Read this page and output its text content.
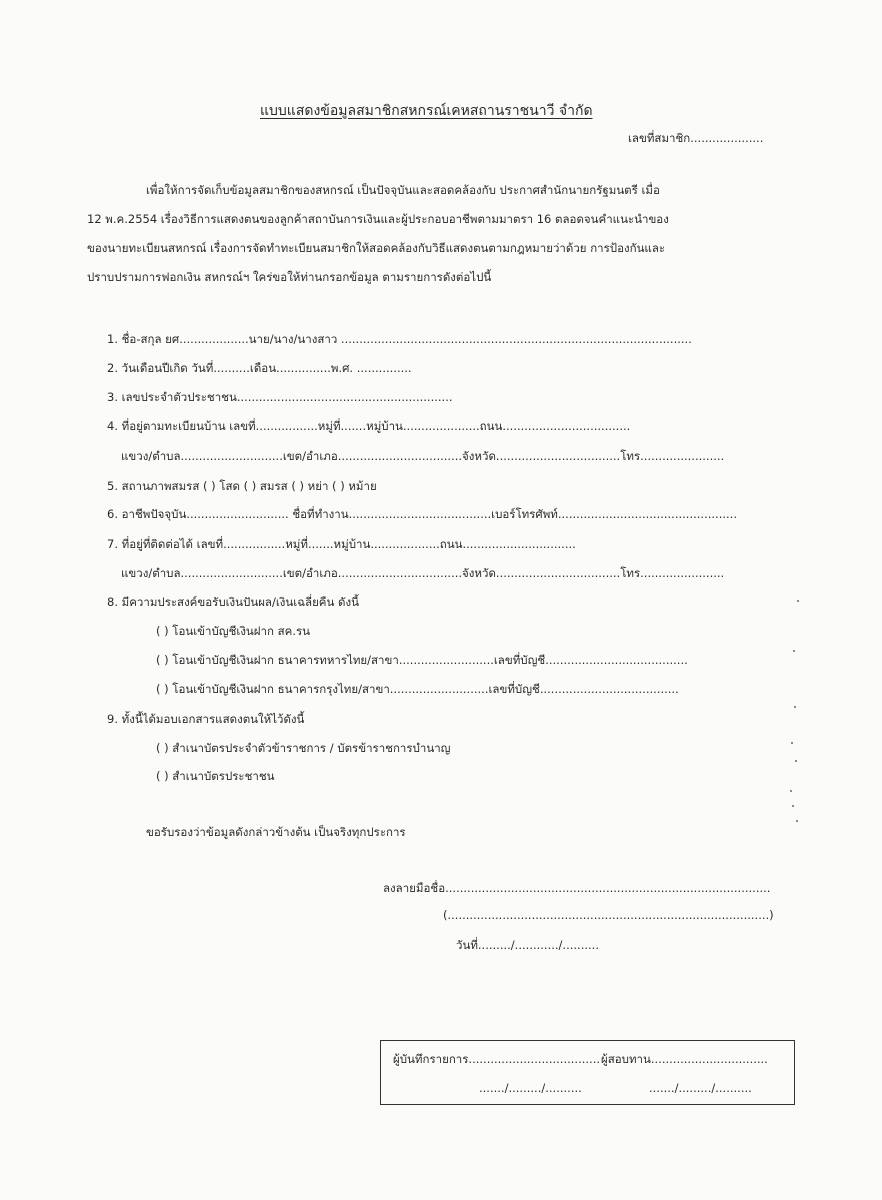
แบบแสดงข้อมูลสมาชิกสหกรณ์เคหสถานราชนาวี จำกัด
เลขที่สมาชิก....................
เพื่อให้การจัดเก็บข้อมูลสมาชิกของสหกรณ์ เป็นปัจจุบันและสอดคล้องกับ ประกาศสำนักนายกรัฐมนตรี เมื่อ
12 พ.ค.2554 เรื่องวิธีการแสดงตนของลูกค้าสถาบันการเงินและผู้ประกอบอาชีพตามมาตรา 16 ตลอดจนคำแนะนำของ
ของนายทะเบียนสหกรณ์ เรื่องการจัดทำทะเบียนสมาชิกให้สอดคล้องกับวิธีแสดงตนตามกฎหมายว่าด้วย การป้องกันและ
ปราบปรามการฟอกเงิน สหกรณ์ฯ ใคร่ขอให้ท่านกรอกข้อมูล ตามรายการดังต่อไปนี้
1. ชื่อ-สกุล ยศ...................นาย/นาง/นางสาว ................................................................................................
2. วันเดือนปีเกิด วันที่..........เดือน...............พ.ศ. ...............
3. เลขประจำตัวประชาชน...........................................................
4. ที่อยู่ตามทะเบียนบ้าน เลขที่.................หมู่ที่.......หมู่บ้าน.....................ถนน...................................
แขวง/ตำบล............................เขต/อำเภอ..................................จังหวัด..................................โทร.......................
5. สถานภาพสมรส ( ) โสด ( ) สมรส ( ) หย่า ( ) หม้าย
6. อาชีพปัจจุบัน............................ ชื่อที่ทำงาน.......................................เบอร์โทรศัพท์.................................................
7. ที่อยู่ที่ติดต่อได้ เลขที่.................หมู่ที่.......หมู่บ้าน...................ถนน...............................
แขวง/ตำบล............................เขต/อำเภอ..................................จังหวัด..................................โทร.......................
8. มีความประสงค์ขอรับเงินปันผล/เงินเฉลี่ยคืน ดังนี้
( ) โอนเข้าบัญชีเงินฝาก สค.รน
( ) โอนเข้าบัญชีเงินฝาก ธนาคารทหารไทย/สาขา..........................เลขที่บัญชี.......................................
( ) โอนเข้าบัญชีเงินฝาก ธนาคารกรุงไทย/สาขา...........................เลขที่บัญชี......................................
9. ทั้งนี้ได้มอบเอกสารแสดงตนให้ไว้ดังนี้
( ) สำเนาบัตรประจำตัวข้าราชการ / บัตรข้าราชการบำนาญ
( ) สำเนาบัตรประชาชน
ขอรับรองว่าข้อมูลดังกล่าวข้างต้น เป็นจริงทุกประการ
ลงลายมือชื่อ.........................................................................................
(........................................................................................)
วันที่........./............/..........
ผู้บันทึกรายการ.................................... ผู้สอบทาน................................
......./........./..........	......./........./..........
